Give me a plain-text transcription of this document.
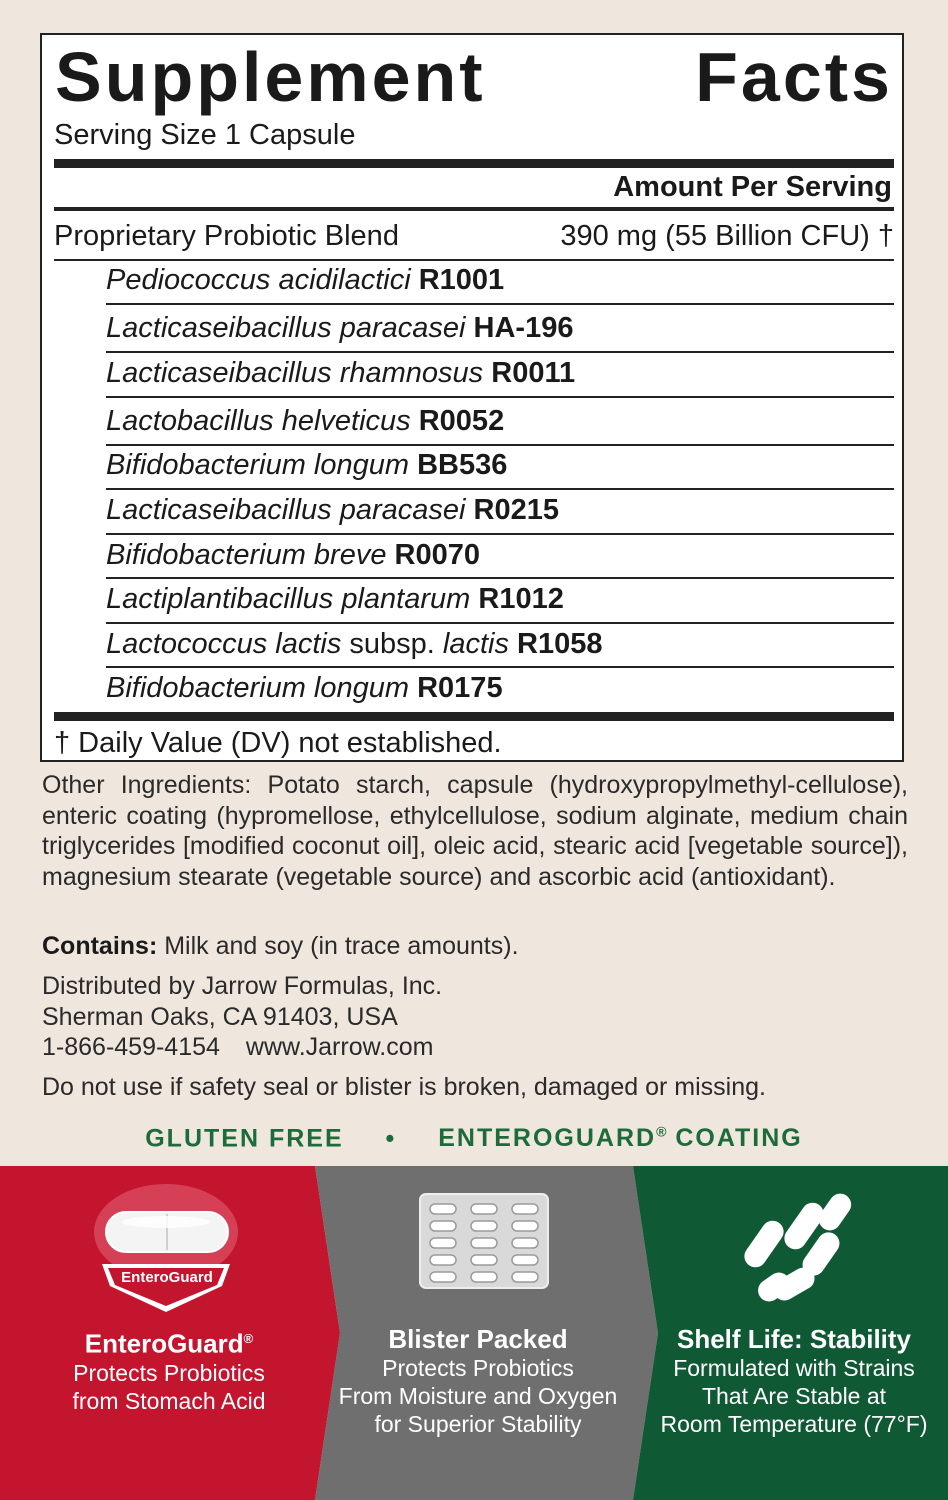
Supplement	Facts
Serving Size 1 Capsule
Amount Per Serving
Proprietary Probiotic Blend	390 mg (55 Billion CFU) †
Pediococcus acidilactici R1001
Lacticaseibacillus paracasei HA-196
Lacticaseibacillus rhamnosus R0011
Lactobacillus helveticus R0052
Bifidobacterium longum BB536
Lacticaseibacillus paracasei R0215
Bifidobacterium breve R0070
Lactiplantibacillus plantarum R1012
Lactococcus lactis subsp. lactis R1058
Bifidobacterium longum R0175
† Daily Value (DV) not established.
Other Ingredients: Potato starch, capsule (hydroxypropylmethyl-cellulose), enteric coating (hypromellose, ethylcellulose, sodium alginate, medium chain triglycerides [modified coconut oil], oleic acid, stearic acid [vegetable source]), magnesium stearate (vegetable source) and ascorbic acid (antioxidant).
Contains: Milk and soy (in trace amounts).
Distributed by Jarrow Formulas, Inc.
Sherman Oaks, CA 91403, USA
1-866-459-4154 www.Jarrow.com
Do not use if safety seal or blister is broken, damaged or missing.
GLUTEN FREE • ENTEROGUARD® COATING
EnteroGuard
EnteroGuard®
Protects Probiotics
from Stomach Acid
Blister Packed
Protects Probiotics
From Moisture and Oxygen
for Superior Stability
Shelf Life: Stability
Formulated with Strains
That Are Stable at
Room Temperature (77°F)
